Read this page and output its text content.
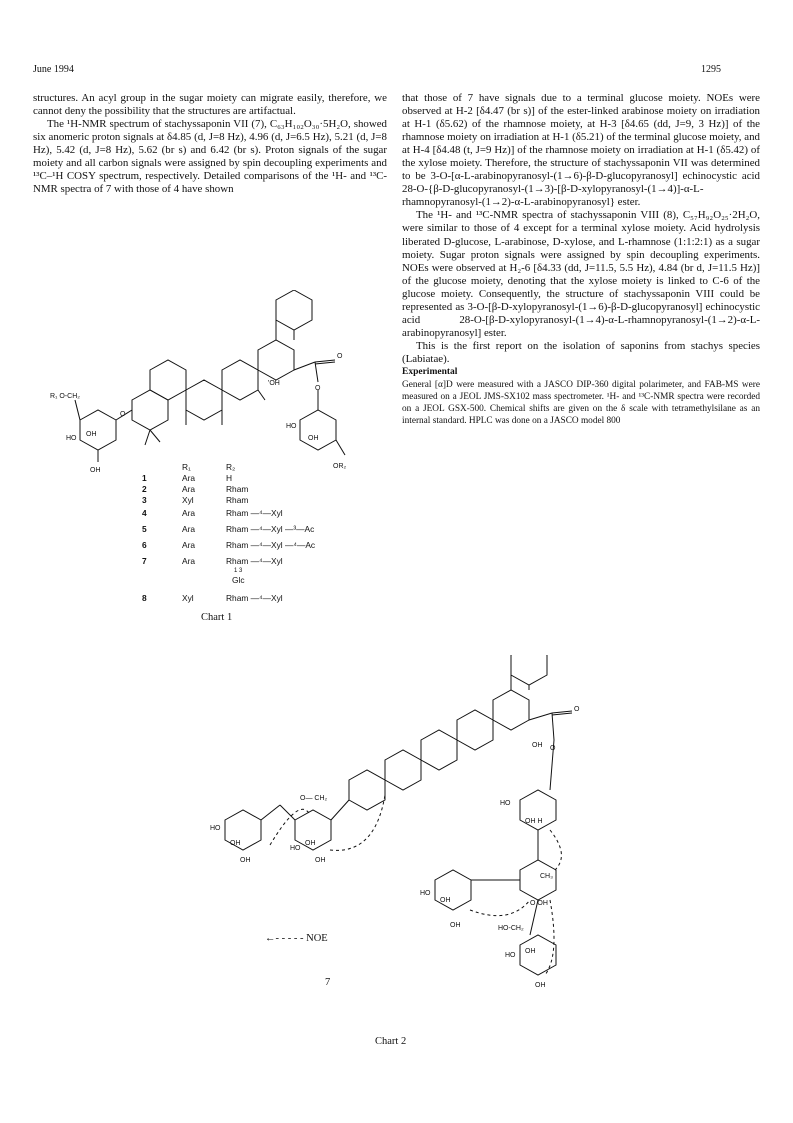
June 1994	1295

structures. An acyl group in the sugar moiety can migrate easily, therefore, we cannot deny the possibility that the structures are artifactual.

The ¹H-NMR spectrum of stachyssaponin VII (7), C₆₃H₁₀₂O₃₀·5H₂O, showed six anomeric proton signals at δ4.85 (d, J=8 Hz), 4.96 (d, J=6.5 Hz), 5.21 (d, J=8 Hz), 5.42 (d, J=8 Hz), 5.62 (br s) and 6.42 (br s). Proton signals of the sugar moiety and all carbon signals were assigned by spin decoupling experiments and ¹³C–¹H COSY spectrum, respectively. Detailed comparisons of the ¹H- and ¹³C-NMR spectra of 7 with those of 4 have shown

that those of 7 have signals due to a terminal glucose moiety. NOEs were observed at H-2 [δ4.47 (br s)] of the ester-linked arabinose moiety on irradiation at H-1 (δ5.62) of the rhamnose moiety, at H-3 [δ4.65 (dd, J=9, 3 Hz)] of the rhamnose moiety on irradiation at H-1 (δ5.21) of the terminal glucose moiety, and at H-4 [δ4.48 (t, J=9 Hz)] of the rhamnose moiety on irradiation at H-1 (δ5.42) of the xylose moiety. Therefore, the structure of stachyssaponin VII was determined to be 3-O-[α-L-arabinopyranosyl-(1→6)-β-D-glucopyranosyl] echinocystic acid 28-O-{β-D-glucopyranosyl-(1→3)-[β-D-xylopyranosyl-(1→4)]-α-L-rhamnopyranosyl-(1→2)-α-L-arabinopyranosyl} ester.

The ¹H- and ¹³C-NMR spectra of stachyssaponin VIII (8), C₅₇H₉₂O₂₅·2H₂O, were similar to those of 4 except for a terminal xylose moiety. Acid hydrolysis liberated D-glucose, L-arabinose, D-xylose, and L-rhamnose (1:1:2:1) as a sugar moiety. Sugar proton signals were assigned by spin decoupling experiments. NOEs were observed at H₂-6 [δ4.33 (dd, J=11.5, 5.5 Hz), 4.84 (br d, J=11.5 Hz)] of the glucose moiety, denoting that the xylose moiety is linked to C-6 of the glucose moiety. Consequently, the structure of stachyssaponin VIII could be represented as 3-O-[β-D-xylopyranosyl-(1→6)-β-D-glucopyranosyl] echinocystic acid 28-O-[β-D-xylopyranosyl-(1→4)-α-L-rhamnopyranosyl-(1→2)-α-L-arabinopyranosyl] ester.

This is the first report on the isolation of saponins from stachys species (Labiatae).

Experimental

General [α]D were measured with a JASCO DIP-360 digital polarimeter, and FAB-MS were measured on a JEOL JMS-SX102 mass spectrometer. ¹H- and ¹³C-NMR spectra were recorded on a JEOL GSX-500. Chemical shifts are given on the δ scale with tetramethylsilane as an internal standard. HPLC was done on a JASCO model 800

O
'OH
O
HO
OH
OR₂
R₁ O-CH₂
O
HO
OH
OH	R₁	R₂
1	Ara	H
2	Ara	Rham
3	Xyl	Rham
4	Ara	Rham —⁴—Xyl
5	Ara	Rham —⁴—Xyl —³—Ac
6	Ara	Rham —⁴—Xyl —⁴—Ac
7	Ara	Rham —⁴—Xyl
1 3
Glc
8	Xyl	Rham —⁴—Xyl
Chart 1
O
OH O
O— CH₂
HO
OH
OH
HO
OH
OH
HO
OH H
CH₃
O OH
HO
OH
OH	HO-CH₂
HO
OH
OH
←- - - - - NOE
7
Chart 2
